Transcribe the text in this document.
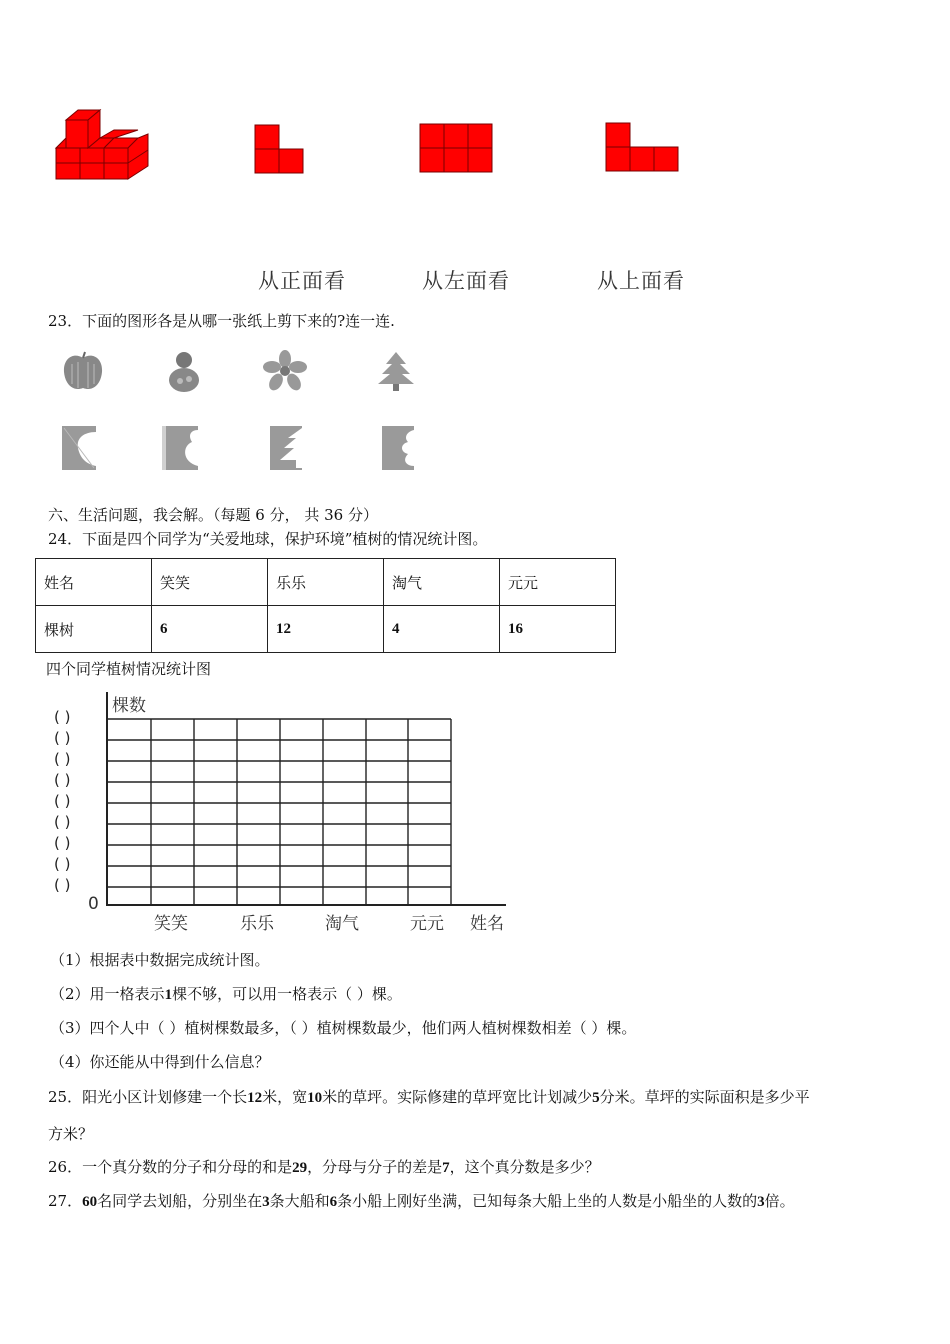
从正面看	从左面看	从上面看
23．下面的图形各是从哪一张纸上剪下来的?连一连.
六、生活问题，我会解。（每题 6 分， 共 36 分）
24．下面是四个同学为“关爱地球，保护环境”植树的情况统计图。
姓名	笑笑	乐乐	淘气	元元
棵树	6	12	4	16
四个同学植树情况统计图
棵数
姓名
0
( )
( )
( )
( )
( )
( )
( )
( )
( )
笑笑	乐乐	淘气	元元
（1）根据表中数据完成统计图。
（2）用一格表示1棵不够，可以用一格表示（ ）棵。
（3）四个人中（ ）植树棵数最多，（ ）植树棵数最少，他们两人植树棵数相差（ ）棵。
（4）你还能从中得到什么信息？
25．阳光小区计划修建一个长12米，宽10米的草坪。实际修建的草坪宽比计划减少5分米。草坪的实际面积是多少平
方米？
26．一个真分数的分子和分母的和是29，分母与分子的差是7，这个真分数是多少？
27．60名同学去划船，分别坐在3条大船和6条小船上刚好坐满，已知每条大船上坐的人数是小船坐的人数的3倍。
